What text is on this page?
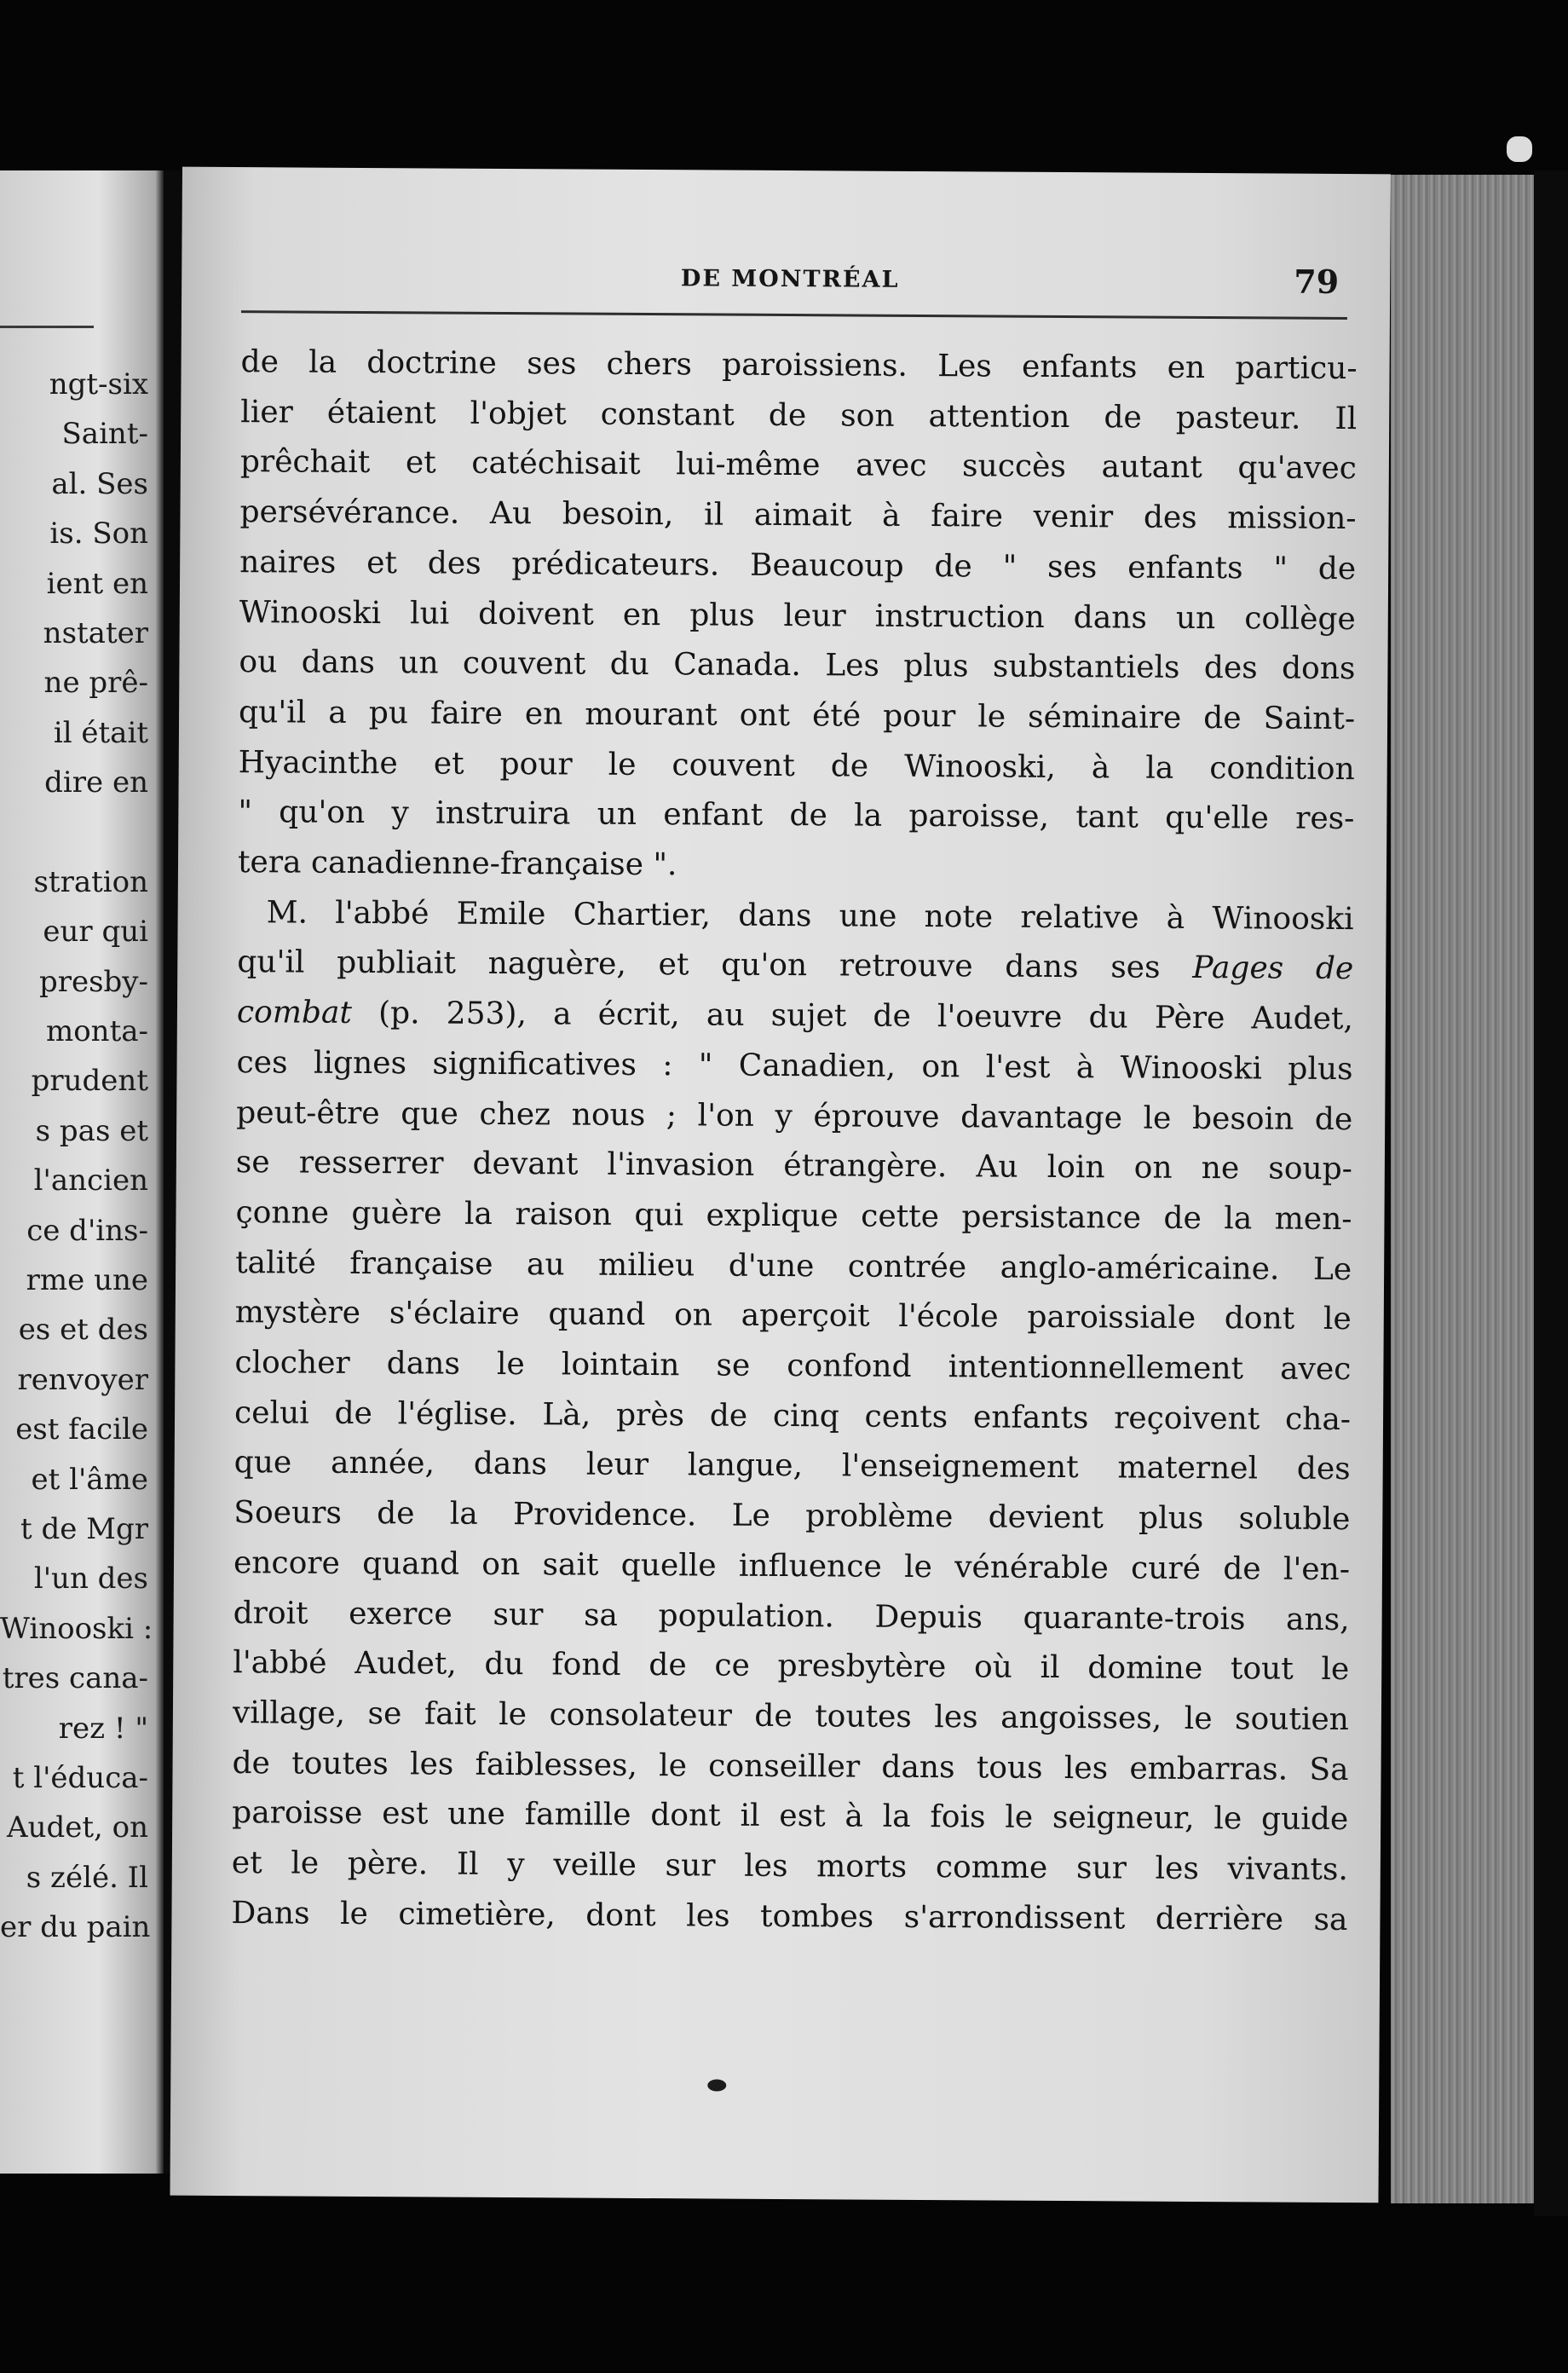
ngt-six
Saint-
al. Ses
is. Son
ient en
nstater
ne prê-
il était
dire en
stration
eur qui
presby-
monta-
prudent
s pas et
l'ancien
ce d'ins-
rme une
es et des
renvoyer
est facile
et l'âme
t de Mgr
l'un des
Winooski :
tres cana-
rez ! "
t l'éduca-
Audet, on
s zélé. Il
er du pain
DE MONTRÉAL	79
de la doctrine ses chers paroissiens. Les enfants en particu-
lier étaient l'objet constant de son attention de pasteur. Il
prêchait et catéchisait lui-même avec succès autant qu'avec
persévérance. Au besoin, il aimait à faire venir des mission-
naires et des prédicateurs. Beaucoup de " ses enfants " de
Winooski lui doivent en plus leur instruction dans un collège
ou dans un couvent du Canada. Les plus substantiels des dons
qu'il a pu faire en mourant ont été pour le séminaire de Saint-
Hyacinthe et pour le couvent de Winooski, à la condition
" qu'on y instruira un enfant de la paroisse, tant qu'elle res-
tera canadienne-française ".
M. l'abbé Emile Chartier, dans une note relative à Winooski
qu'il publiait naguère, et qu'on retrouve dans ses Pages de
combat (p. 253), a écrit, au sujet de l'oeuvre du Père Audet,
ces lignes significatives : " Canadien, on l'est à Winooski plus
peut-être que chez nous ; l'on y éprouve davantage le besoin de
se resserrer devant l'invasion étrangère. Au loin on ne soup-
çonne guère la raison qui explique cette persistance de la men-
talité française au milieu d'une contrée anglo-américaine. Le
mystère s'éclaire quand on aperçoit l'école paroissiale dont le
clocher dans le lointain se confond intentionnellement avec
celui de l'église. Là, près de cinq cents enfants reçoivent cha-
que année, dans leur langue, l'enseignement maternel des
Soeurs de la Providence. Le problème devient plus soluble
encore quand on sait quelle influence le vénérable curé de l'en-
droit exerce sur sa population. Depuis quarante-trois ans,
l'abbé Audet, du fond de ce presbytère où il domine tout le
village, se fait le consolateur de toutes les angoisses, le soutien
de toutes les faiblesses, le conseiller dans tous les embarras. Sa
paroisse est une famille dont il est à la fois le seigneur, le guide
et le père. Il y veille sur les morts comme sur les vivants.
Dans le cimetière, dont les tombes s'arrondissent derrière sa
